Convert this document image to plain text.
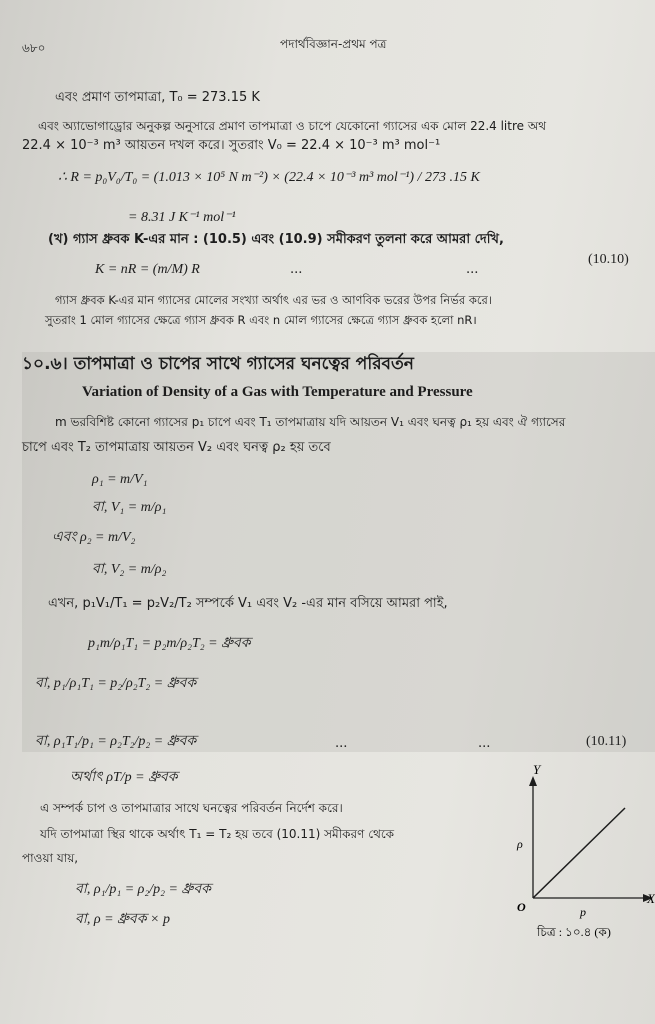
৬৮০	পদার্থবিজ্ঞান-প্রথম পত্র
এবং প্রমাণ তাপমাত্রা, T₀ = 273.15 K
এবং অ্যাভোগাড্রোর অনুকল্প অনুসারে প্রমাণ তাপমাত্রা ও চাপে যেকোনো গ্যাসের এক মোল 22.4 litre অথ
22.4 × 10⁻³ m³ আয়তন দখল করে। সুতরাং V₀ = 22.4 × 10⁻³ m³ mol⁻¹
∴ R = p₀V₀/T₀ = (1.013 × 10⁵ N m⁻²) × (22.4 × 10⁻³ m³ mol⁻¹) / 273 .15 K
= 8.31 J K⁻¹ mol⁻¹
(খ) গ্যাস ধ্রুবক K-এর মান : (10.5) এবং (10.9) সমীকরণ তুলনা করে আমরা দেখি,
K = nR = (m/M) R	...	...
(10.10)
গ্যাস ধ্রুবক K-এর মান গ্যাসের মোলের সংখ্যা অর্থাৎ এর ভর ও আণবিক ভরের উপর নির্ভর করে।
সুতরাং 1 মোল গ্যাসের ক্ষেত্রে গ্যাস ধ্রুবক R এবং n মোল গ্যাসের ক্ষেত্রে গ্যাস ধ্রুবক হলো nR।
১০.৬। তাপমাত্রা ও চাপের সাথে গ্যাসের ঘনত্বের পরিবর্তন
Variation of Density of a Gas with Temperature and Pressure
m ভরবিশিষ্ট কোনো গ্যাসের p₁ চাপে এবং T₁ তাপমাত্রায় যদি আয়তন V₁ এবং ঘনত্ব ρ₁ হয় এবং ঐ গ্যাসের
চাপে এবং T₂ তাপমাত্রায় আয়তন V₂ এবং ঘনত্ব ρ₂ হয় তবে
ρ₁ = m/V₁
বা, V₁ = m/ρ₁
এবং ρ₂ = m/V₂
বা, V₂ = m/ρ₂
এখন, p₁V₁/T₁ = p₂V₂/T₂ সম্পর্কে V₁ এবং V₂ -এর মান বসিয়ে আমরা পাই,
p₁m/ρ₁T₁ = p₂m/ρ₂T₂ = ধ্রুবক
বা, p₁/ρ₁T₁ = p₂/ρ₂T₂ = ধ্রুবক
বা, ρ₁T₁/p₁ = ρ₂T₂/p₂ = ধ্রুবক	...	...	(10.11)
অর্থাৎ ρT/p = ধ্রুবক
এ সম্পর্ক চাপ ও তাপমাত্রার সাথে ঘনত্বের পরিবর্তন নির্দেশ করে।
যদি তাপমাত্রা স্থির থাকে অর্থাৎ T₁ = T₂ হয় তবে (10.11) সমীকরণ থেকে
পাওয়া যায়,
বা, ρ₁/p₁ = ρ₂/p₂ = ধ্রুবক
বা, ρ = ধ্রুবক × p
Y
X
O
ρ
p
চিত্র : ১০.৪ (ক)
